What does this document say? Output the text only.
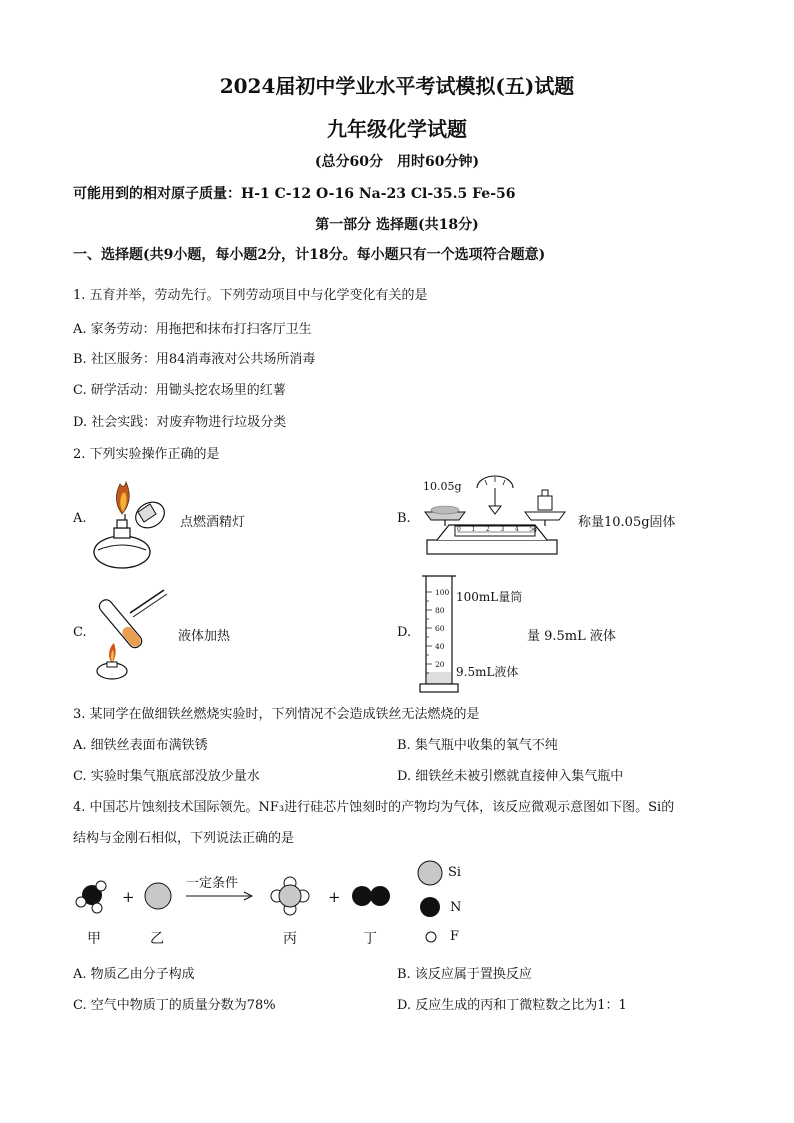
2024届初中学业水平考试模拟(五)试题
九年级化学试题
(总分60分　用时60分钟)
可能用到的相对原子质量：H-1 C-12 O-16 Na-23 Cl-35.5 Fe-56
第一部分 选择题(共18分)
一、选择题(共9小题，每小题2分，计18分。每小题只有一个选项符合题意)
1. 五育并举，劳动先行。下列劳动项目中与化学变化有关的是
A. 家务劳动：用拖把和抹布打扫客厅卫生
B. 社区服务：用84消毒液对公共场所消毒
C. 研学活动：用锄头挖农场里的红薯
D. 社会实践：对废弃物进行垃圾分类
2. 下列实验操作正确的是
A.	点燃酒精灯	B.
10.05g
0 1 2 3 4 5g	称量10.05g固体
C.	液体加热	D.
100
80
60
40
20
100mL量筒
9.5mL液体
量 9.5mL 液体
3. 某同学在做细铁丝燃烧实验时，下列情况不会造成铁丝无法燃烧的是
A. 细铁丝表面布满铁锈	B. 集气瓶中收集的氧气不纯
C. 实验时集气瓶底部没放少量水	D. 细铁丝未被引燃就直接伸入集气瓶中
4. 中国芯片蚀刻技术国际领先。NF₃进行硅芯片蚀刻时的产物均为气体，该反应微观示意图如下图。Si的
结构与金刚石相似，下列说法正确的是
+
一定条件
+
甲	乙	丙	丁
Si
N
F
A. 物质乙由分子构成	B. 该反应属于置换反应
C. 空气中物质丁的质量分数为78%	D. 反应生成的丙和丁微粒数之比为1：1
